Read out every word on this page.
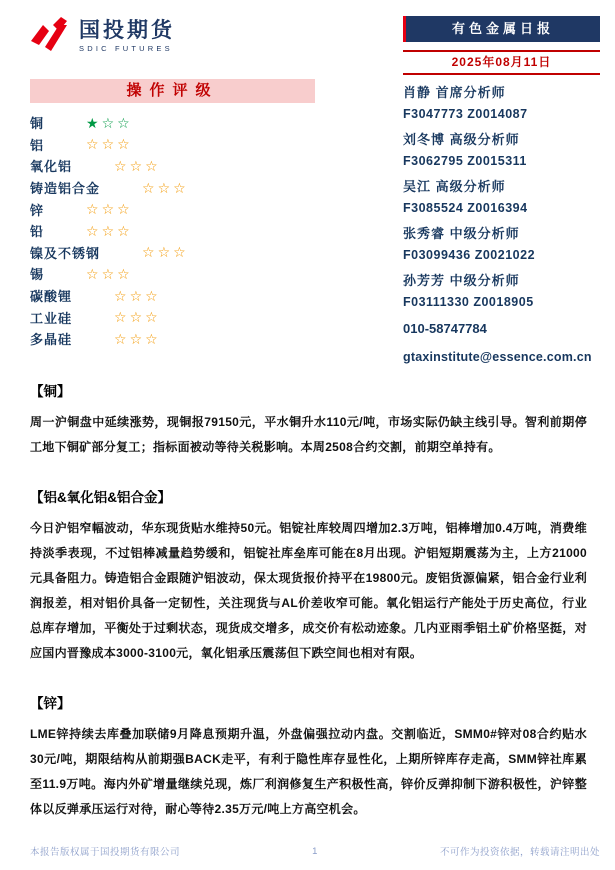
国投期货
SDIC FUTURES
有色金属日报
2025年08月11日
操作评级
铜	★☆☆
铝	☆☆☆
氧化铝	☆☆☆
铸造铝合金	☆☆☆
锌	☆☆☆
铅	☆☆☆
镍及不锈钢	☆☆☆
锡	☆☆☆
碳酸锂	☆☆☆
工业硅	☆☆☆
多晶硅	☆☆☆
肖静 首席分析师
F3047773 Z0014087
刘冬博 高级分析师
F3062795 Z0015311
吴江 高级分析师
F3085524 Z0016394
张秀睿 中级分析师
F03099436 Z0021022
孙芳芳 中级分析师
F03111330 Z0018905
010-58747784
gtaxinstitute@essence.com.cn
【铜】

周一沪铜盘中延续涨势，现铜报79150元，平水铜升水110元/吨，市场实际仍缺主线引导。智利前期停工地下铜矿部分复工；指标面被动等待关税影响。本周2508合约交割，前期空单持有。

【铝&氧化铝&铝合金】

今日沪铝窄幅波动，华东现货贴水维持50元。铝锭社库较周四增加2.3万吨，铝棒增加0.4万吨，消费维持淡季表现，不过铝棒减量趋势缓和，铝锭社库垒库可能在8月出现。沪铝短期震荡为主，上方21000元具备阻力。铸造铝合金跟随沪铝波动，保太现货报价持平在19800元。废铝货源偏紧，铝合金行业利润报差，相对铝价具备一定韧性，关注现货与AL价差收窄可能。氧化铝运行产能处于历史高位，行业总库存增加，平衡处于过剩状态，现货成交增多，成交价有松动迹象。几内亚雨季铝土矿价格坚挺，对应国内晋豫成本3000-3100元，氧化铝承压震荡但下跌空间也相对有限。

【锌】

LME锌持续去库叠加联储9月降息预期升温，外盘偏强拉动内盘。交割临近，SMM0#锌对08合约贴水30元/吨，期限结构从前期强BACK走平，有利于隐性库存显性化，上期所锌库存走高，SMM锌社库累至11.9万吨。海内外矿增量继续兑现，炼厂利润修复生产积极性高，锌价反弹抑制下游积极性，沪锌整体以反弹承压运行对待，耐心等待2.35万元/吨上方高空机会。

本报告版权属于国投期货有限公司	1	不可作为投资依据，转载请注明出处
